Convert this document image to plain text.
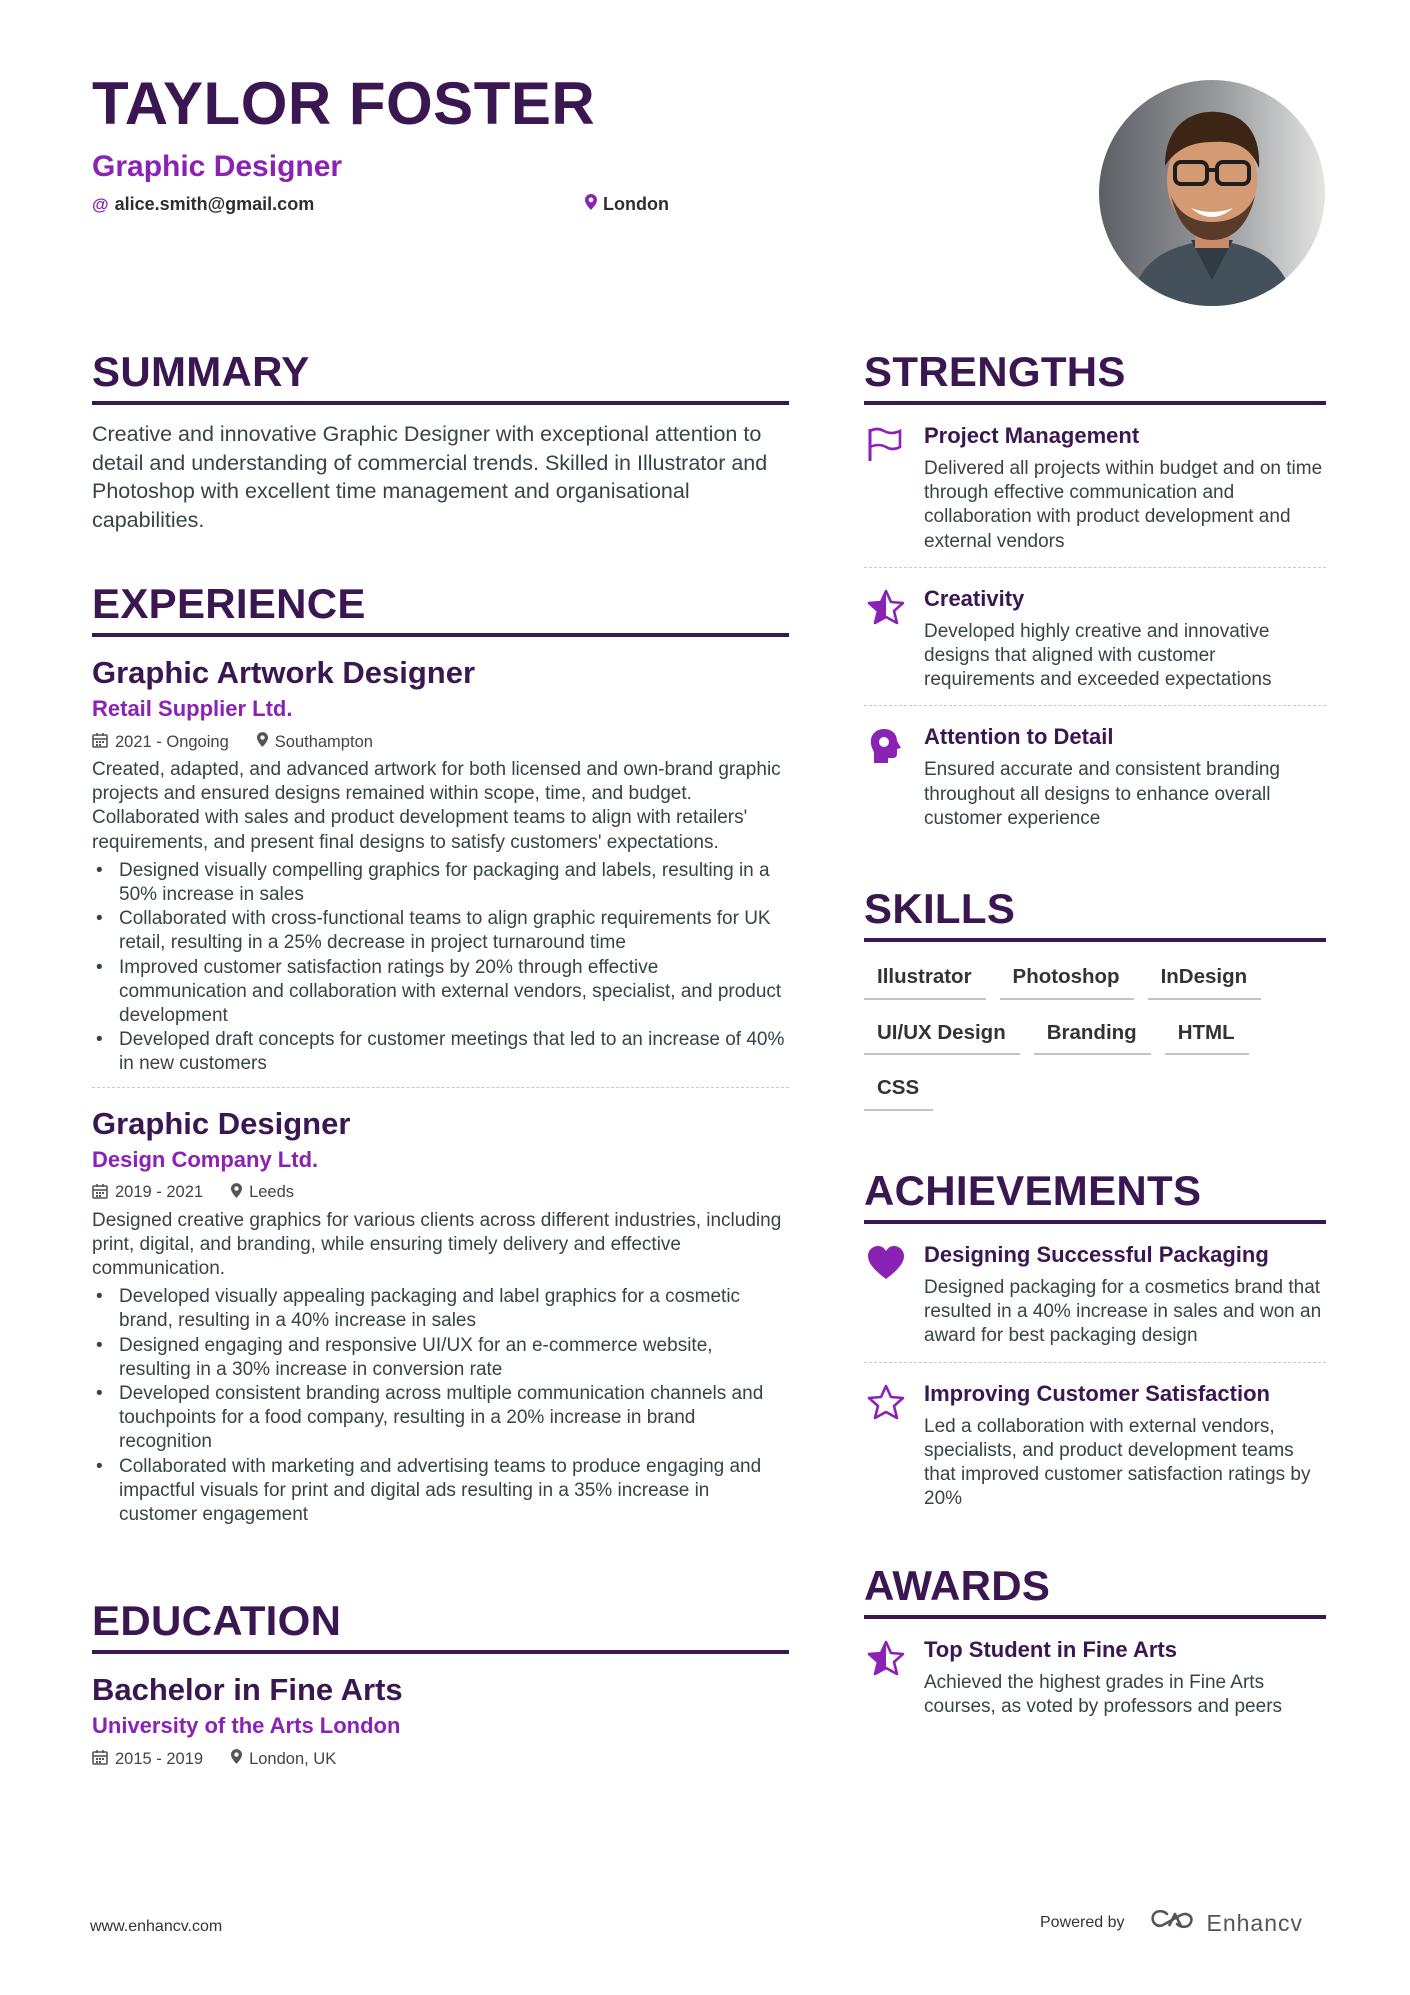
TAYLOR FOSTER
Graphic Designer
@ alice.smith@gmail.com	London
SUMMARY
Creative and innovative Graphic Designer with exceptional attention to detail and understanding of commercial trends. Skilled in Illustrator and Photoshop with excellent time management and organisational capabilities.
EXPERIENCE
Graphic Artwork Designer
Retail Supplier Ltd.
2021 - Ongoing	Southampton
Created, adapted, and advanced artwork for both licensed and own-brand graphic projects and ensured designs remained within scope, time, and budget. Collaborated with sales and product development teams to align with retailers' requirements, and present final designs to satisfy customers' expectations.
• Designed visually compelling graphics for packaging and labels, resulting in a 50% increase in sales
• Collaborated with cross-functional teams to align graphic requirements for UK retail, resulting in a 25% decrease in project turnaround time
• Improved customer satisfaction ratings by 20% through effective communication and collaboration with external vendors, specialist, and product development
• Developed draft concepts for customer meetings that led to an increase of 40% in new customers
Graphic Designer
Design Company Ltd.
2019 - 2021	Leeds
Designed creative graphics for various clients across different industries, including print, digital, and branding, while ensuring timely delivery and effective communication.
• Developed visually appealing packaging and label graphics for a cosmetic brand, resulting in a 40% increase in sales
• Designed engaging and responsive UI/UX for an e-commerce website, resulting in a 30% increase in conversion rate
• Developed consistent branding across multiple communication channels and touchpoints for a food company, resulting in a 20% increase in brand recognition
• Collaborated with marketing and advertising teams to produce engaging and impactful visuals for print and digital ads resulting in a 35% increase in customer engagement
EDUCATION
Bachelor in Fine Arts
University of the Arts London
2015 - 2019	London, UK
STRENGTHS
Project Management
Delivered all projects within budget and on time through effective communication and collaboration with product development and external vendors
Creativity
Developed highly creative and innovative designs that aligned with customer requirements and exceeded expectations
Attention to Detail
Ensured accurate and consistent branding throughout all designs to enhance overall customer experience
SKILLS
Illustrator	Photoshop	InDesign
UI/UX Design	Branding	HTML
CSS
ACHIEVEMENTS
Designing Successful Packaging
Designed packaging for a cosmetics brand that resulted in a 40% increase in sales and won an award for best packaging design
Improving Customer Satisfaction
Led a collaboration with external vendors, specialists, and product development teams that improved customer satisfaction ratings by 20%
AWARDS
Top Student in Fine Arts
Achieved the highest grades in Fine Arts courses, as voted by professors and peers
www.enhancv.com	Powered by	Enhancv
